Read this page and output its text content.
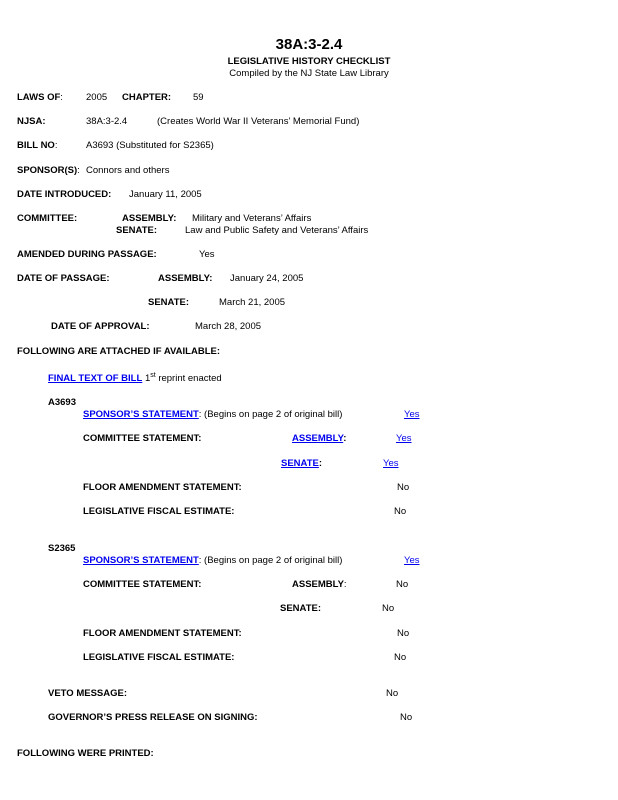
38A:3-2.4
LEGISLATIVE HISTORY CHECKLIST
Compiled by the NJ State Law Library
LAWS OF: 2005 CHAPTER: 59
NJSA:	38A:3-2.4	(Creates World War II Veterans’ Memorial Fund)
BILL NO:	A3693 (Substituted for S2365)
SPONSOR(S): Connors and others
DATE INTRODUCED: January 11, 2005
COMMITTEE:	ASSEMBLY: Military and Veterans’ Affairs
SENATE:	Law and Public Safety and Veterans’ Affairs
AMENDED DURING PASSAGE:	Yes
DATE OF PASSAGE:	ASSEMBLY: January 24, 2005
SENATE:	March 21, 2005
DATE OF APPROVAL:	March 28, 2005
FOLLOWING ARE ATTACHED IF AVAILABLE:
FINAL TEXT OF BILL 1st reprint enacted
A3693
SPONSOR’S STATEMENT: (Begins on page 2 of original bill)	Yes
COMMITTEE STATEMENT:	ASSEMBLY:	Yes
SENATE:	Yes
FLOOR AMENDMENT STATEMENT:	No
LEGISLATIVE FISCAL ESTIMATE:	No
S2365
SPONSOR’S STATEMENT: (Begins on page 2 of original bill)	Yes
COMMITTEE STATEMENT:	ASSEMBLY:	No
SENATE:	No
FLOOR AMENDMENT STATEMENT:	No
LEGISLATIVE FISCAL ESTIMATE:	No
VETO MESSAGE:	No
GOVERNOR’S PRESS RELEASE ON SIGNING:	No
FOLLOWING WERE PRINTED:
